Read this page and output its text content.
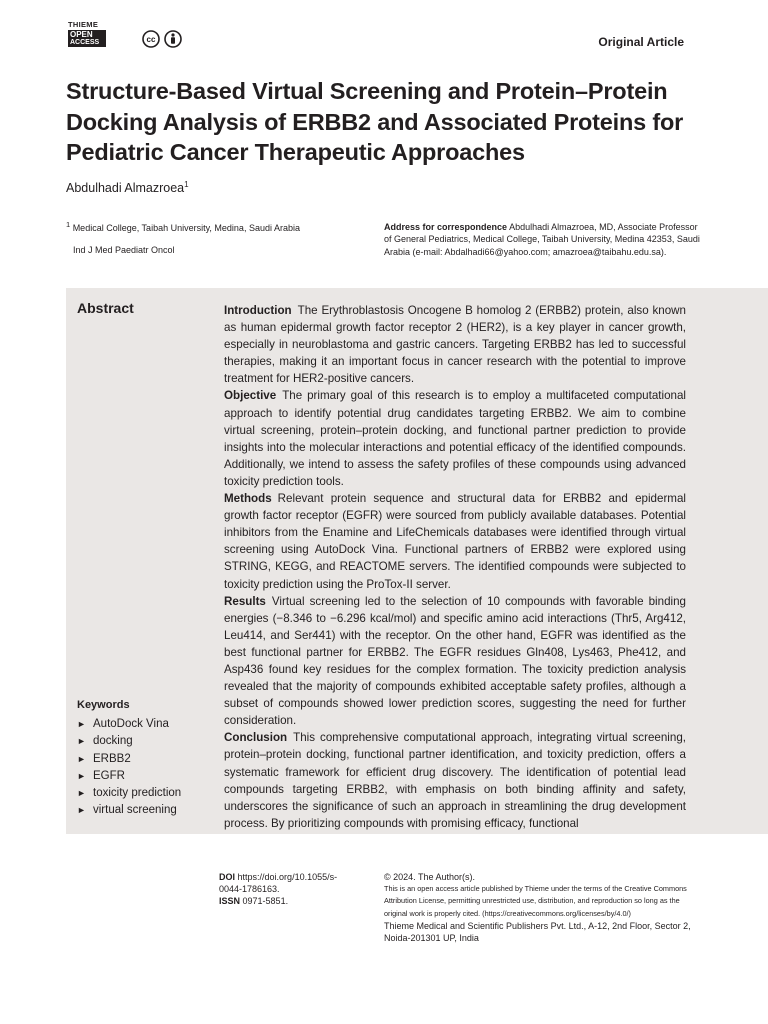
THIEME
OPEN
ACCESS	cc	Original Article
Structure-Based Virtual Screening and Protein–Protein Docking Analysis of ERBB2 and Associated Proteins for Pediatric Cancer Therapeutic Approaches
Abdulhadi Almazroea$^1$
$^1$ Medical College, Taibah University, Medina, Saudi Arabia
Ind J Med Paediatr Oncol
Address for correspondence Abdulhadi Almazroea, MD, Associate Professor of General Pediatrics, Medical College, Taibah University, Medina 42353, Saudi Arabia (e-mail: Abdalhadi66@yahoo.com; amazroea@taibahu.edu.sa).
Abstract
Keywords
► AutoDock Vina
► docking
► ERBB2
► EGFR
► toxicity prediction
► virtual screening

Introduction The Erythroblastosis Oncogene B homolog 2 (ERBB2) protein, also known as human epidermal growth factor receptor 2 (HER2), is a key player in cancer growth, especially in neuroblastoma and gastric cancers. Targeting ERBB2 has led to successful therapies, making it an important focus in cancer research with the potential to improve treatment for HER2-positive cancers.

Objective The primary goal of this research is to employ a multifaceted computational approach to identify potential drug candidates targeting ERBB2. We aim to combine virtual screening, protein–protein docking, and functional partner prediction to provide insights into the molecular interactions and potential efficacy of the identified compounds. Additionally, we intend to assess the safety profiles of these compounds using advanced toxicity prediction tools.

Methods Relevant protein sequence and structural data for ERBB2 and epidermal growth factor receptor (EGFR) were sourced from publicly available databases. Potential inhibitors from the Enamine and LifeChemicals databases were identified through virtual screening using AutoDock Vina. Functional partners of ERBB2 were explored using STRING, KEGG, and REACTOME servers. The identified compounds were subjected to toxicity prediction using the ProTox-II server.

Results Virtual screening led to the selection of 10 compounds with favorable binding energies (−8.346 to −6.296 kcal/mol) and specific amino acid interactions (Thr5, Arg412, Leu414, and Ser441) with the receptor. On the other hand, EGFR was identified as the best functional partner for ERBB2. The EGFR residues Gln408, Lys463, Phe412, and Asp436 found key residues for the complex formation. The toxicity prediction analysis revealed that the majority of compounds exhibited acceptable safety profiles, although a subset of compounds showed lower prediction scores, suggesting the need for further consideration.

Conclusion This comprehensive computational approach, integrating virtual screening, protein–protein docking, functional partner identification, and toxicity prediction, offers a systematic framework for efficient drug discovery. The identification of potential lead compounds targeting ERBB2, with emphasis on both binding affinity and safety, underscores the significance of such an approach in streamlining the drug development process. By prioritizing compounds with promising efficacy, functional

DOI https://doi.org/10.1055/s-0044-1786163.
ISSN 0971-5851.
© 2024. The Author(s).
This is an open access article published by Thieme under the terms of the Creative Commons Attribution License, permitting unrestricted use, distribution, and reproduction so long as the original work is properly cited. (https://creativecommons.org/licenses/by/4.0/)
Thieme Medical and Scientific Publishers Pvt. Ltd., A-12, 2nd Floor, Sector 2, Noida-201301 UP, India
